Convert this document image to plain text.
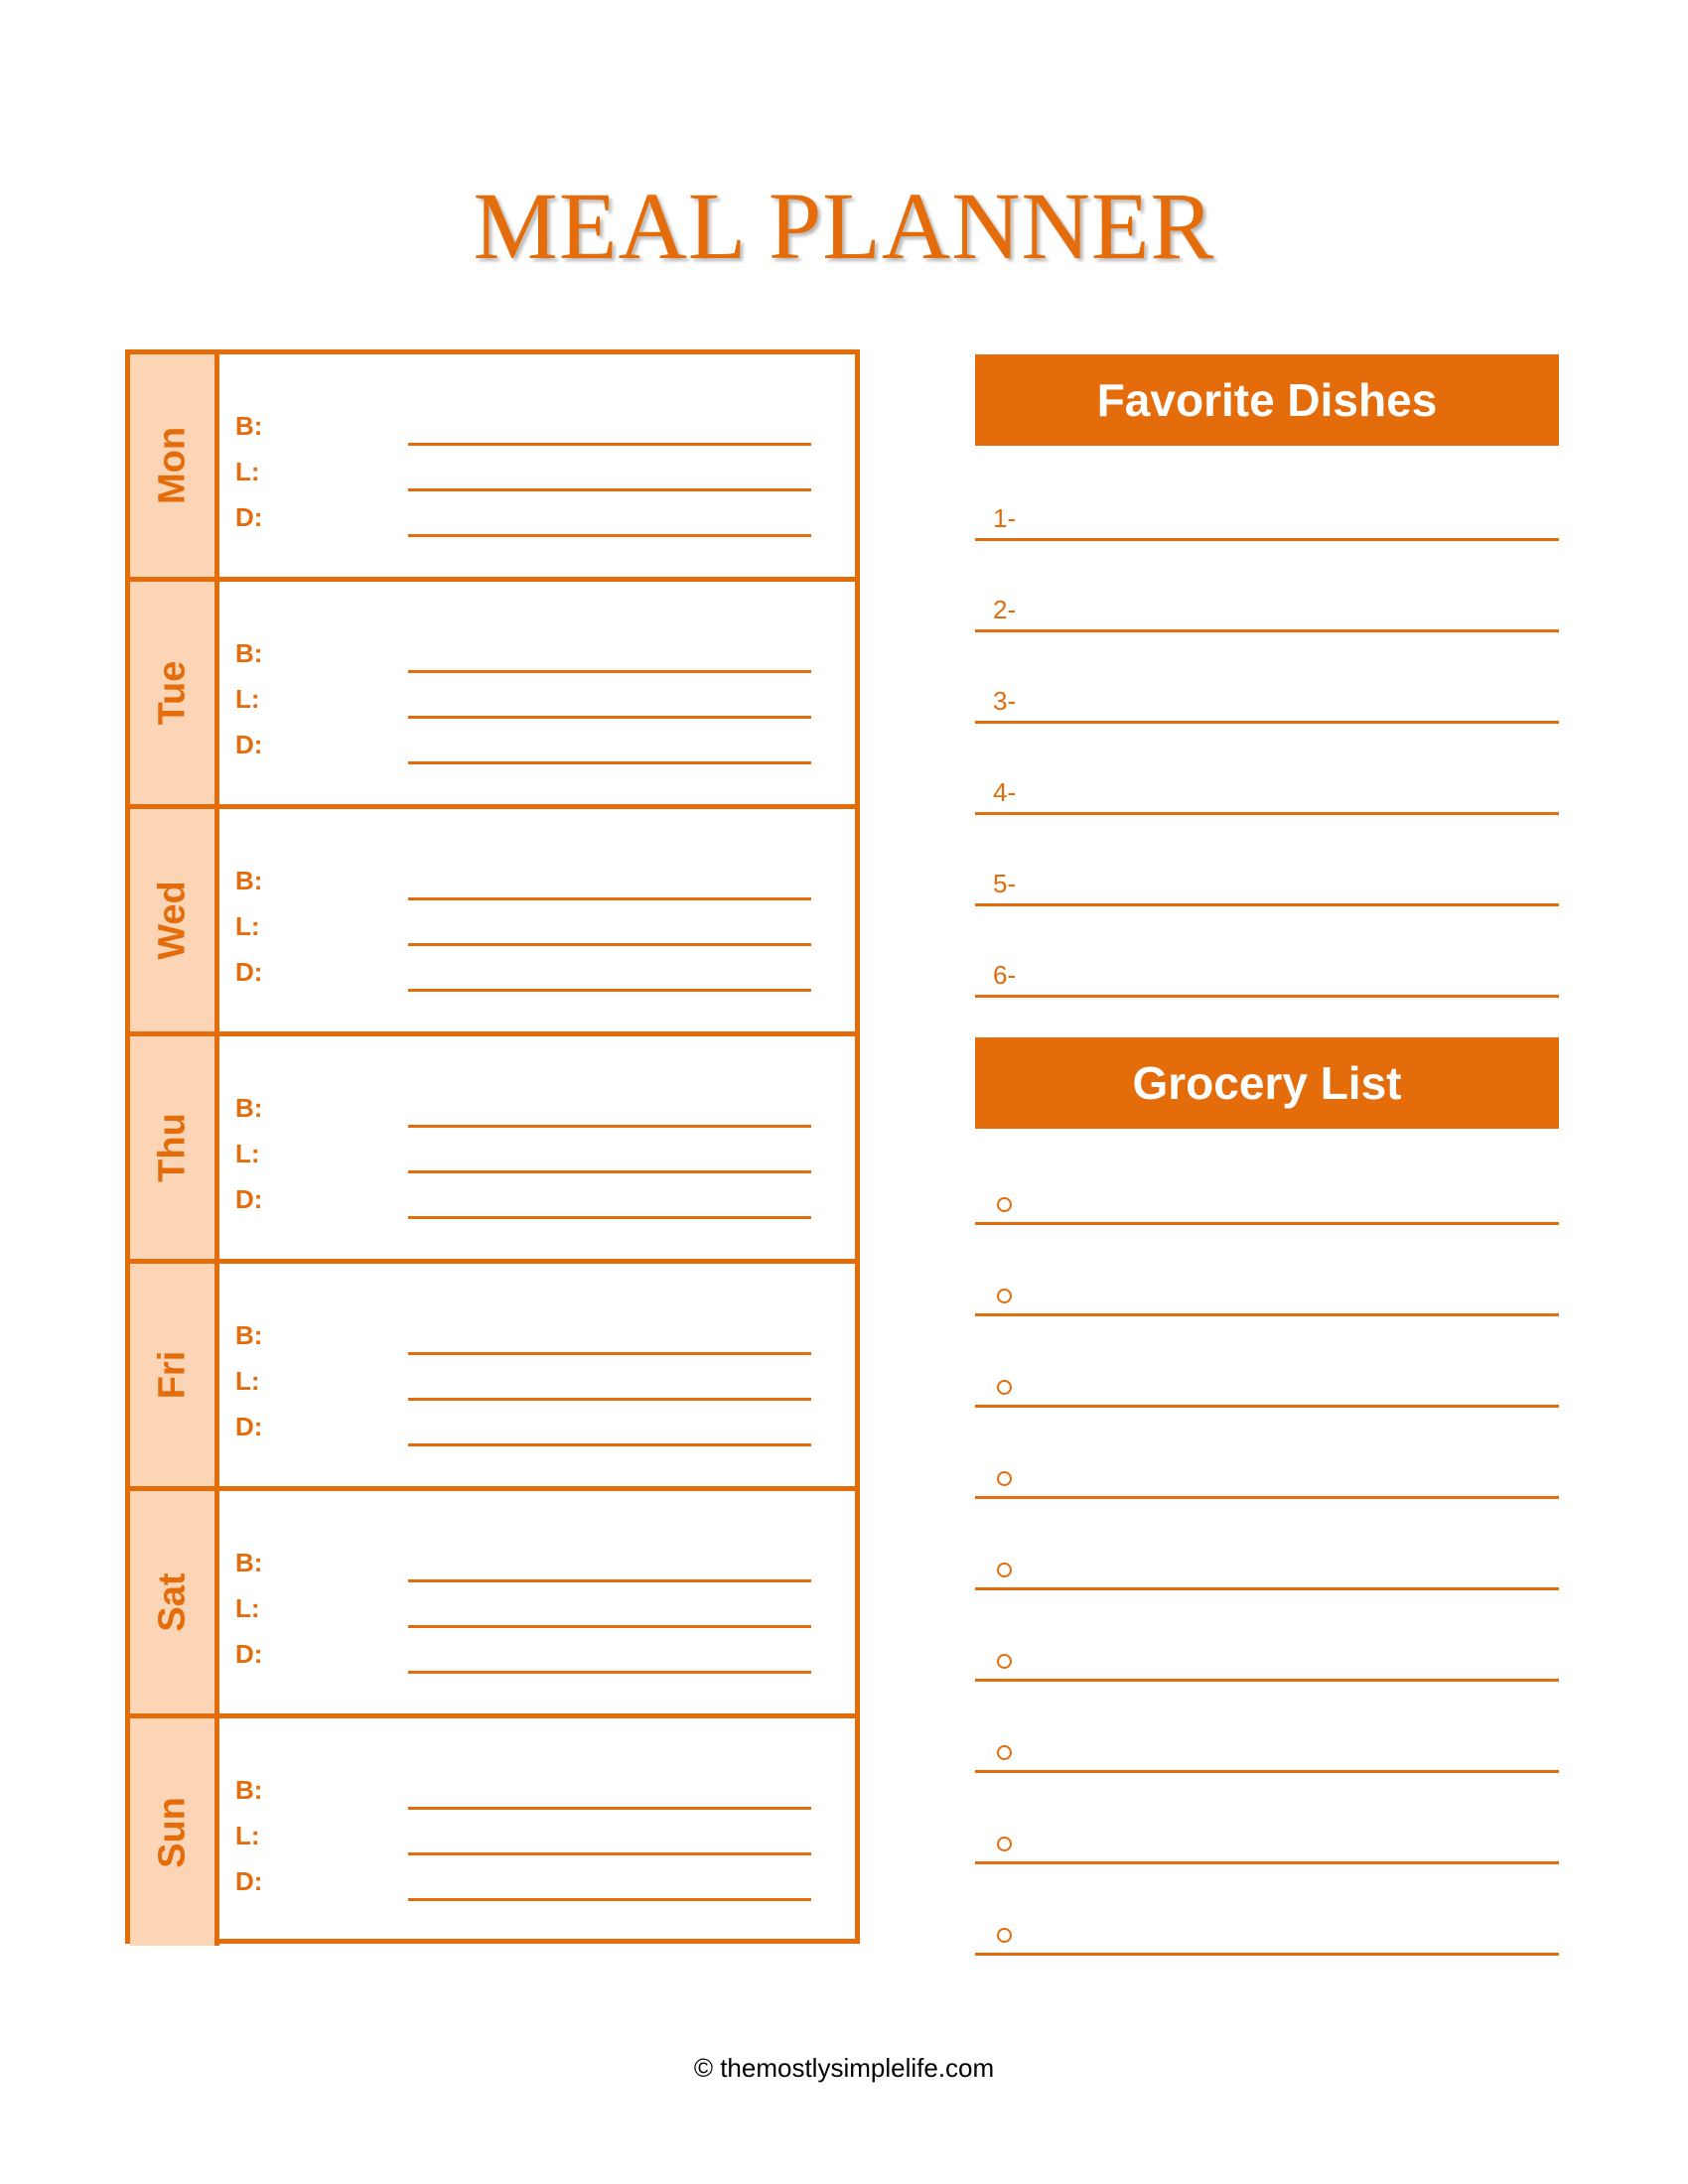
MEAL PLANNER
Mon
B:
L:
D:
Tue
B:
L:
D:
Wed
B:
L:
D:
Thu
B:
L:
D:
Fri
B:
L:
D:
Sat
B:
L:
D:
Sun
B:
L:
D:
Favorite Dishes
1-
2-
3-
4-
5-
6-
Grocery List
© themostlysimplelife.com
